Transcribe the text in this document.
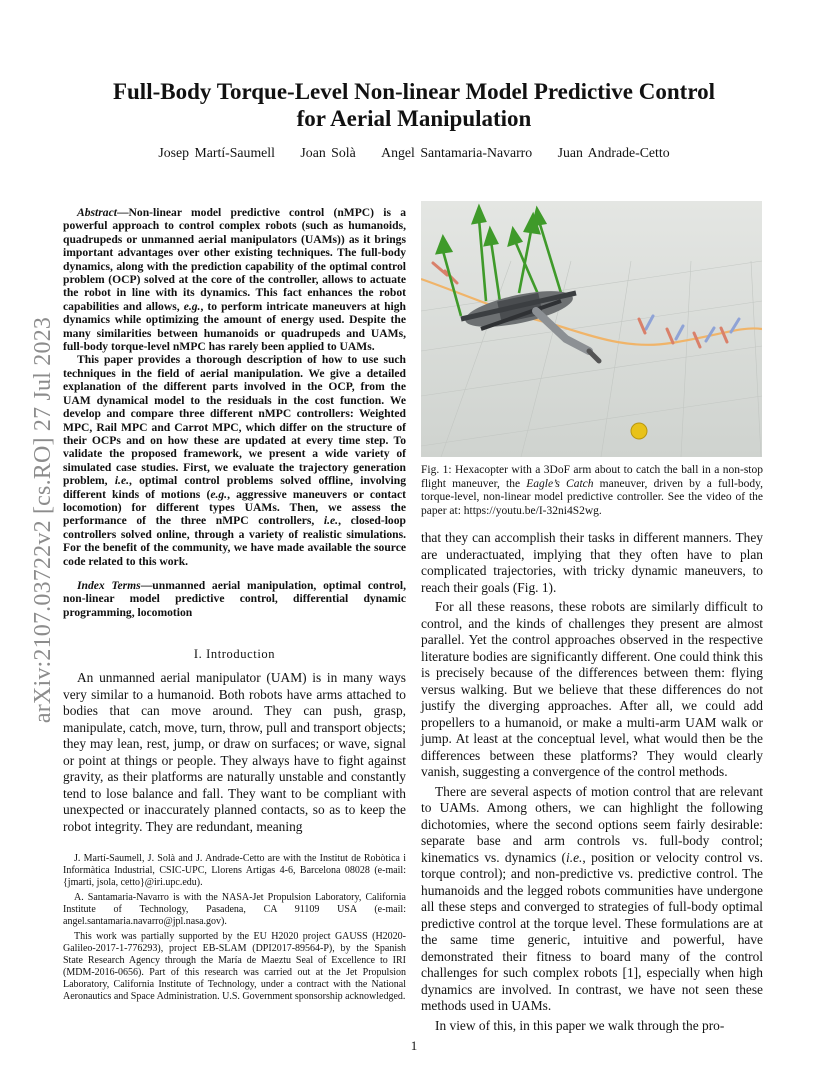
arXiv:2107.03722v2 [cs.RO] 27 Jul 2023
Full-Body Torque-Level Non-linear Model Predictive Control
for Aerial Manipulation
Josep Martí-Saumell Joan Solà Angel Santamaria-Navarro Juan Andrade-Cetto

Abstract—Non-linear model predictive control (nMPC) is a powerful approach to control complex robots (such as humanoids, quadrupeds or unmanned aerial manipulators (UAMs)) as it brings important advantages over other existing techniques. The full-body dynamics, along with the prediction capability of the optimal control problem (OCP) solved at the core of the controller, allows to actuate the robot in line with its dynamics. This fact enhances the robot capabilities and allows, e.g., to perform intricate maneuvers at high dynamics while optimizing the amount of energy used. Despite the many similarities between humanoids or quadrupeds and UAMs, full-body torque-level nMPC has rarely been applied to UAMs.

This paper provides a thorough description of how to use such techniques in the field of aerial manipulation. We give a detailed explanation of the different parts involved in the OCP, from the UAM dynamical model to the residuals in the cost function. We develop and compare three different nMPC controllers: Weighted MPC, Rail MPC and Carrot MPC, which differ on the structure of their OCPs and on how these are updated at every time step. To validate the proposed framework, we present a wide variety of simulated case studies. First, we evaluate the trajectory generation problem, i.e., optimal control problems solved offline, involving different kinds of motions (e.g., aggressive maneuvers or contact locomotion) for different types UAMs. Then, we assess the performance of the three nMPC controllers, i.e., closed-loop controllers solved online, through a variety of realistic simulations. For the benefit of the community, we have made available the source code related to this work.

Index Terms—unmanned aerial manipulation, optimal control, non-linear model predictive control, differential dynamic programming, locomotion
I. Introduction

An unmanned aerial manipulator (UAM) is in many ways very similar to a humanoid. Both robots have arms attached to bodies that can move around. They can push, grasp, manipulate, catch, move, turn, throw, pull and transport objects; they may lean, rest, jump, or draw on surfaces; or wave, signal or point at things or people. They always have to fight against gravity, as their platforms are naturally unstable and constantly tend to lose balance and fall. They want to be compliant with unexpected or inaccurately planned contacts, so as to keep the robot integrity. They are redundant, meaning

J. Martí-Saumell, J. Solà and J. Andrade-Cetto are with the Institut de Robòtica i Informàtica Industrial, CSIC-UPC, Llorens Artigas 4-6, Barcelona 08028 (e-mail: {jmarti, jsola, cetto}@iri.upc.edu).

A. Santamaria-Navarro is with the NASA-Jet Propulsion Laboratory, California Institute of Technology, Pasadena, CA 91109 USA (e-mail: angel.santamaria.navarro@jpl.nasa.gov).

This work was partially supported by the EU H2020 project GAUSS (H2020-Galileo-2017-1-776293), project EB-SLAM (DPI2017-89564-P), by the Spanish State Research Agency through the María de Maeztu Seal of Excellence to IRI (MDM-2016-0656). Part of this research was carried out at the Jet Propulsion Laboratory, California Institute of Technology, under a contract with the National Aeronautics and Space Administration. U.S. Government sponsorship acknowledged.

Fig. 1: Hexacopter with a 3DoF arm about to catch the ball in a non-stop flight maneuver, the Eagle’s Catch maneuver, driven by a full-body, torque-level, non-linear model predictive controller. See the video of the paper at: https://youtu.be/I-32ni4S2wg.

that they can accomplish their tasks in different manners. They are underactuated, implying that they often have to plan complicated trajectories, with tricky dynamic maneuvers, to reach their goals (Fig. 1).

For all these reasons, these robots are similarly difficult to control, and the kinds of challenges they present are almost parallel. Yet the control approaches observed in the respective literature bodies are significantly different. One could think this is precisely because of the differences between them: flying versus walking. But we believe that these differences do not justify the diverging approaches. After all, we could add propellers to a humanoid, or make a multi-arm UAM walk or jump. At least at the conceptual level, what would then be the differences between these platforms? They would clearly vanish, suggesting a convergence of the control methods.

There are several aspects of motion control that are relevant to UAMs. Among others, we can highlight the following dichotomies, where the second options seem fairly desirable: separate base and arm controls vs. full-body control; kinematics vs. dynamics (i.e., position or velocity control vs. torque control); and non-predictive vs. predictive control. The humanoids and the legged robots communities have undergone all these steps and converged to strategies of full-body optimal predictive control at the torque level. These formulations are at the same time generic, intuitive and powerful, have demonstrated their fitness to board many of the control challenges for such complex robots [1], especially when high dynamics are involved. In contrast, we have not seen these methods used in UAMs.

In view of this, in this paper we walk through the pro-

1
